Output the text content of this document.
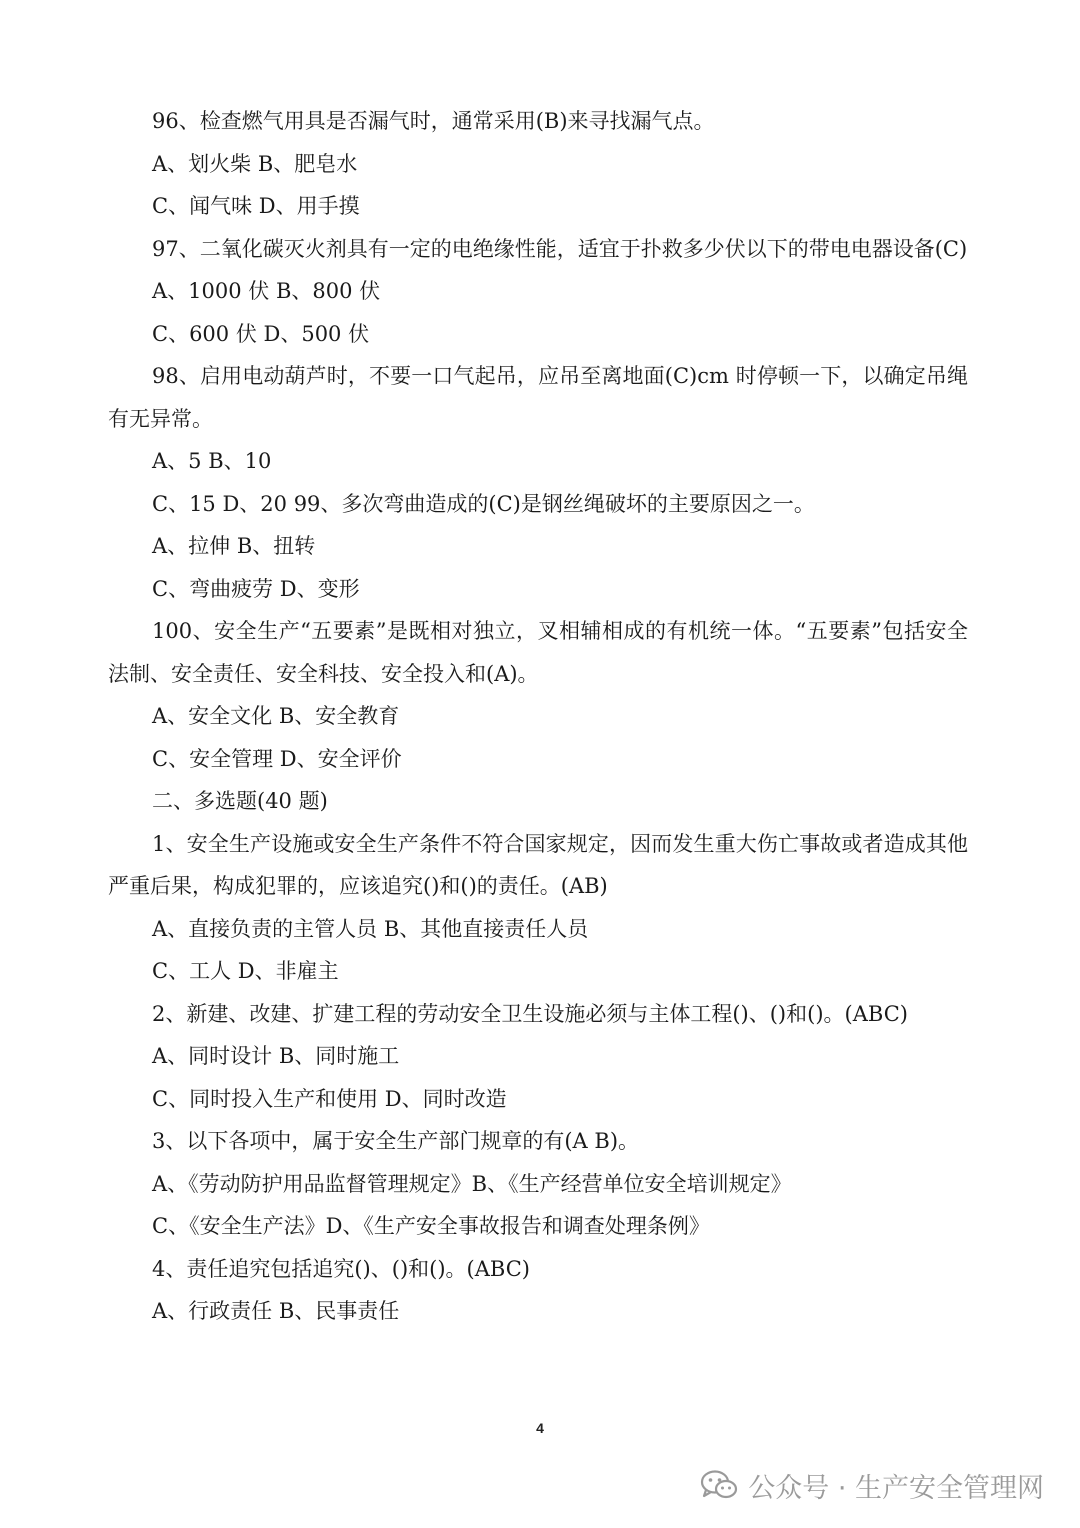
96、检查燃气用具是否漏气时，通常采用(B)来寻找漏气点。

A、划火柴 B、肥皂水

C、闻气味 D、用手摸

97、二氧化碳灭火剂具有一定的电绝缘性能，适宜于扑救多少伏以下的带电电器设备(C)

A、1000 伏 B、800 伏

C、600 伏 D、500 伏

98、启用电动葫芦时，不要一口气起吊，应吊至离地面(C)cm 时停顿一下，以确定吊绳有无异常。

A、5 B、10

C、15 D、20 99、多次弯曲造成的(C)是钢丝绳破坏的主要原因之一。

A、拉伸 B、扭转

C、弯曲疲劳 D、变形

100、安全生产“五要素”是既相对独立，叉相辅相成的有机统一体。“五要素”包括安全法制、安全责任、安全科技、安全投入和(A)。

A、安全文化 B、安全教育

C、安全管理 D、安全评价

二、多选题(40 题)

1、安全生产设施或安全生产条件不符合国家规定，因而发生重大伤亡事故或者造成其他严重后果，构成犯罪的，应该追究()和()的责任。(AB)

A、直接负责的主管人员 B、其他直接责任人员

C、工人 D、非雇主

2、新建、改建、扩建工程的劳动安全卫生设施必须与主体工程()、()和()。(ABC)

A、同时设计 B、同时施工

C、同时投入生产和使用 D、同时改造

3、以下各项中，属于安全生产部门规章的有(A B)。

A、《劳动防护用品监督管理规定》B、《生产经营单位安全培训规定》

C、《安全生产法》D、《生产安全事故报告和调查处理条例》

4、责任追究包括追究()、()和()。(ABC)

A、行政责任 B、民事责任

4
公众号 · 生产安全管理网
